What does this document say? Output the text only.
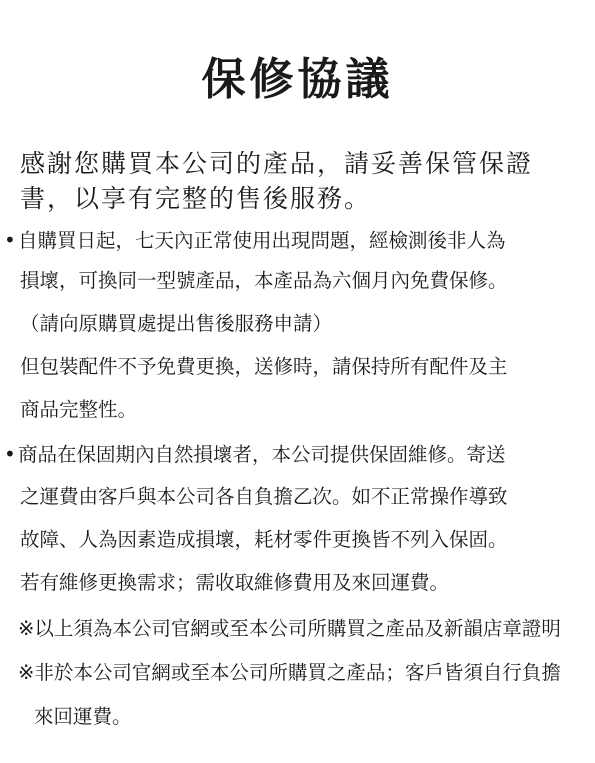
保修協議
感謝您購買本公司的產品，請妥善保管保證
書，以享有完整的售後服務。
• 自購買日起，七天內正常使用出現問題，經檢測後非人為
損壞，可換同一型號產品，本產品為六個月內免費保修。
（請向原購買處提出售後服務申請）
但包裝配件不予免費更換，送修時，請保持所有配件及主
商品完整性。
• 商品在保固期內自然損壞者，本公司提供保固維修。寄送
之運費由客戶與本公司各自負擔乙次。如不正常操作導致
故障、人為因素造成損壞，耗材零件更換皆不列入保固。
若有維修更換需求；需收取維修費用及來回運費。
※以上須為本公司官網或至本公司所購買之產品及新韻店章證明
※非於本公司官網或至本公司所購買之產品；客戶皆須自行負擔
來回運費。
